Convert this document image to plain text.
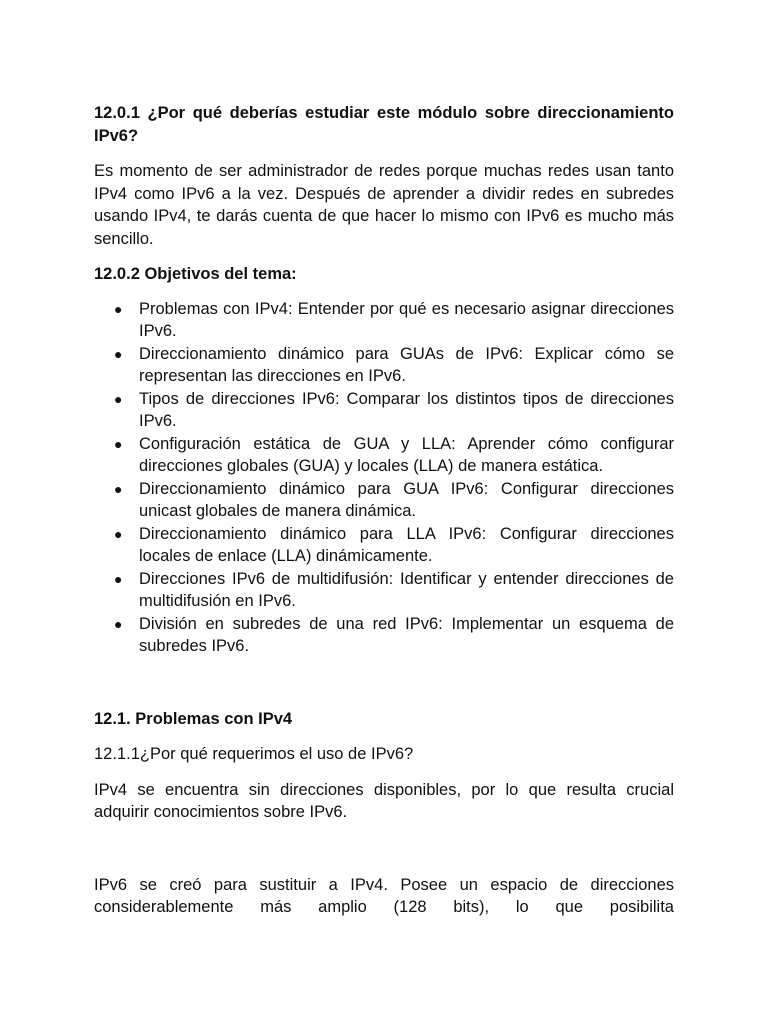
12.0.1 ¿Por qué deberías estudiar este módulo sobre direccionamiento IPv6?

Es momento de ser administrador de redes porque muchas redes usan tanto IPv4 como IPv6 a la vez. Después de aprender a dividir redes en subredes usando IPv4, te darás cuenta de que hacer lo mismo con IPv6 es mucho más sencillo.

12.0.2 Objetivos del tema:
● Problemas con IPv4: Entender por qué es necesario asignar direcciones IPv6.
● Direccionamiento dinámico para GUAs de IPv6: Explicar cómo se representan las direcciones en IPv6.
● Tipos de direcciones IPv6: Comparar los distintos tipos de direcciones IPv6.
● Configuración estática de GUA y LLA: Aprender cómo configurar direcciones globales (GUA) y locales (LLA) de manera estática.
● Direccionamiento dinámico para GUA IPv6: Configurar direcciones unicast globales de manera dinámica.
● Direccionamiento dinámico para LLA IPv6: Configurar direcciones locales de enlace (LLA) dinámicamente.
● Direcciones IPv6 de multidifusión: Identificar y entender direcciones de multidifusión en IPv6.
● División en subredes de una red IPv6: Implementar un esquema de subredes IPv6.
12.1. Problemas con IPv4

12.1.1¿Por qué requerimos el uso de IPv6?

IPv4 se encuentra sin direcciones disponibles, por lo que resulta crucial adquirir conocimientos sobre IPv6.

IPv6 se creó para sustituir a IPv4. Posee un espacio de direcciones considerablemente más amplio (128 bits), lo que posibilita
